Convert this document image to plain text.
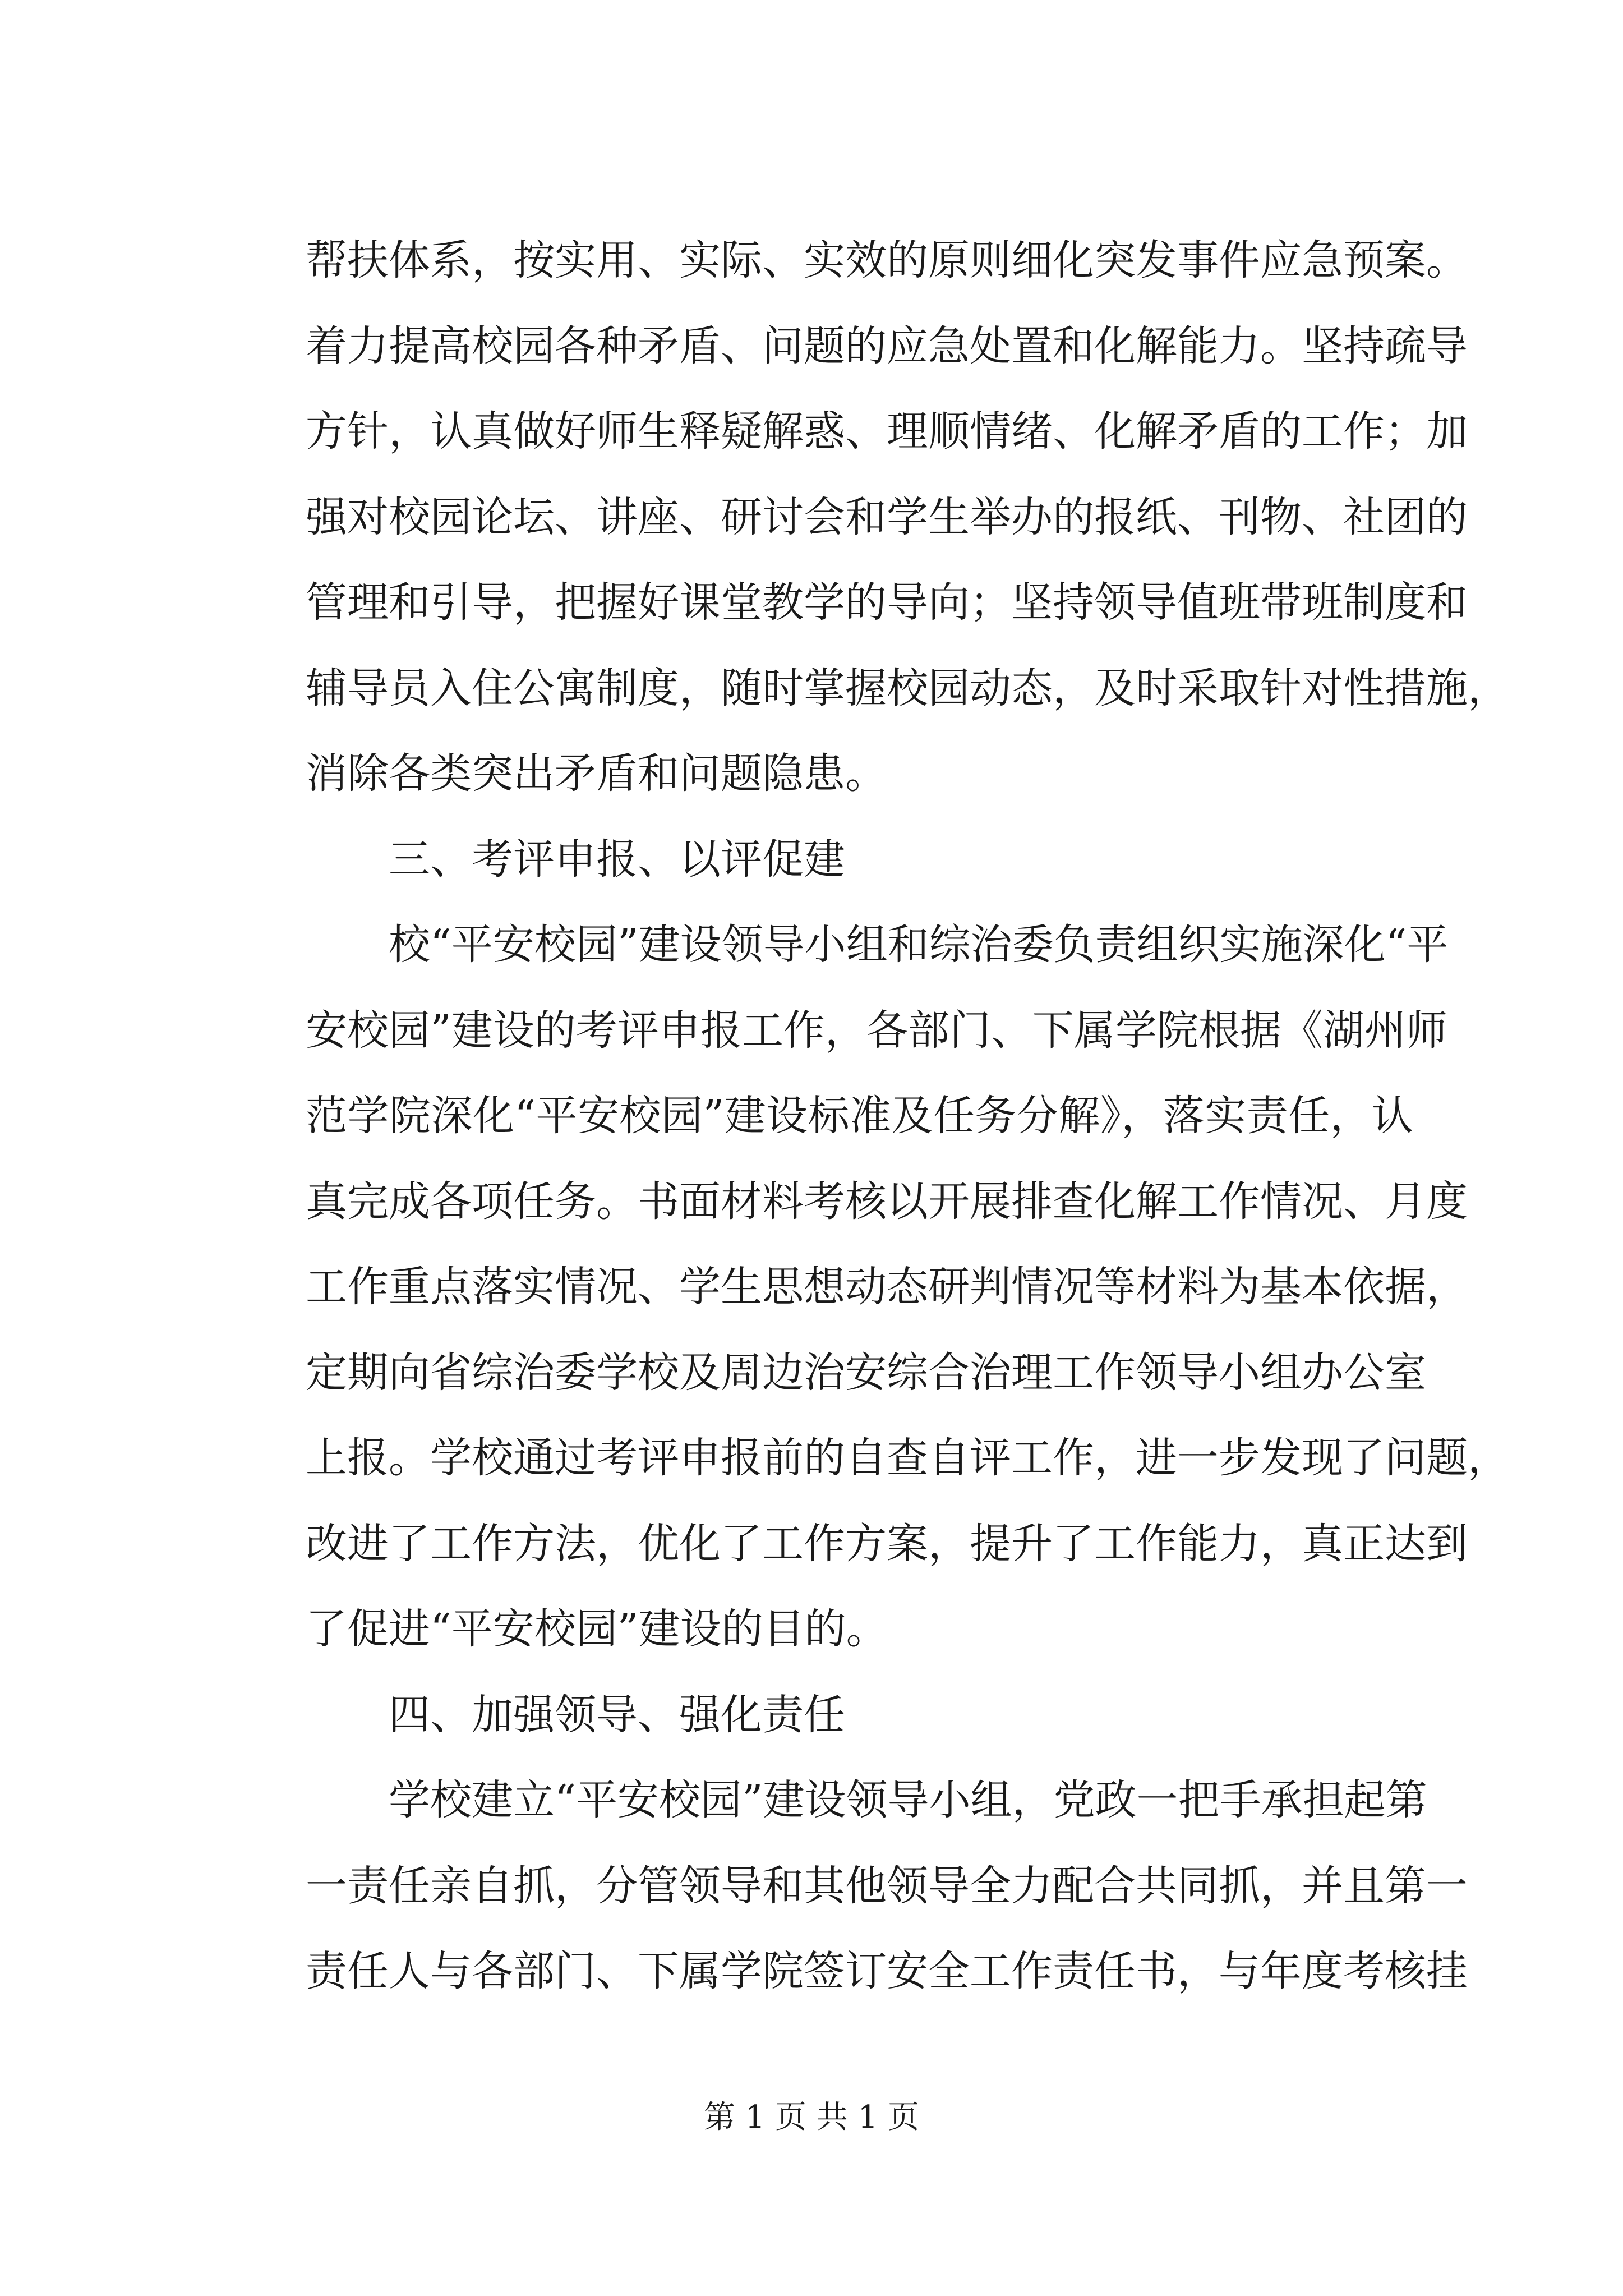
帮扶体系，按实用、实际、实效的原则细化突发事件应急预案。
着力提高校园各种矛盾、问题的应急处置和化解能力。坚持疏导
方针，认真做好师生释疑解惑、理顺情绪、化解矛盾的工作；加
强对校园论坛、讲座、研讨会和学生举办的报纸、刊物、社团的
管理和引导，把握好课堂教学的导向；坚持领导值班带班制度和
辅导员入住公寓制度，随时掌握校园动态，及时采取针对性措施，
消除各类突出矛盾和问题隐患。
三、考评申报、以评促建
校“平安校园”建设领导小组和综治委负责组织实施深化“平
安校园”建设的考评申报工作，各部门、下属学院根据《湖州师
范学院深化“平安校园”建设标准及任务分解》，落实责任，认
真完成各项任务。书面材料考核以开展排查化解工作情况、月度
工作重点落实情况、学生思想动态研判情况等材料为基本依据，
定期向省综治委学校及周边治安综合治理工作领导小组办公室
上报。学校通过考评申报前的自查自评工作，进一步发现了问题，
改进了工作方法，优化了工作方案，提升了工作能力，真正达到
了促进“平安校园”建设的目的。
四、加强领导、强化责任
学校建立“平安校园”建设领导小组，党政一把手承担起第
一责任亲自抓，分管领导和其他领导全力配合共同抓，并且第一
责任人与各部门、下属学院签订安全工作责任书，与年度考核挂
第 1 页 共 1 页
